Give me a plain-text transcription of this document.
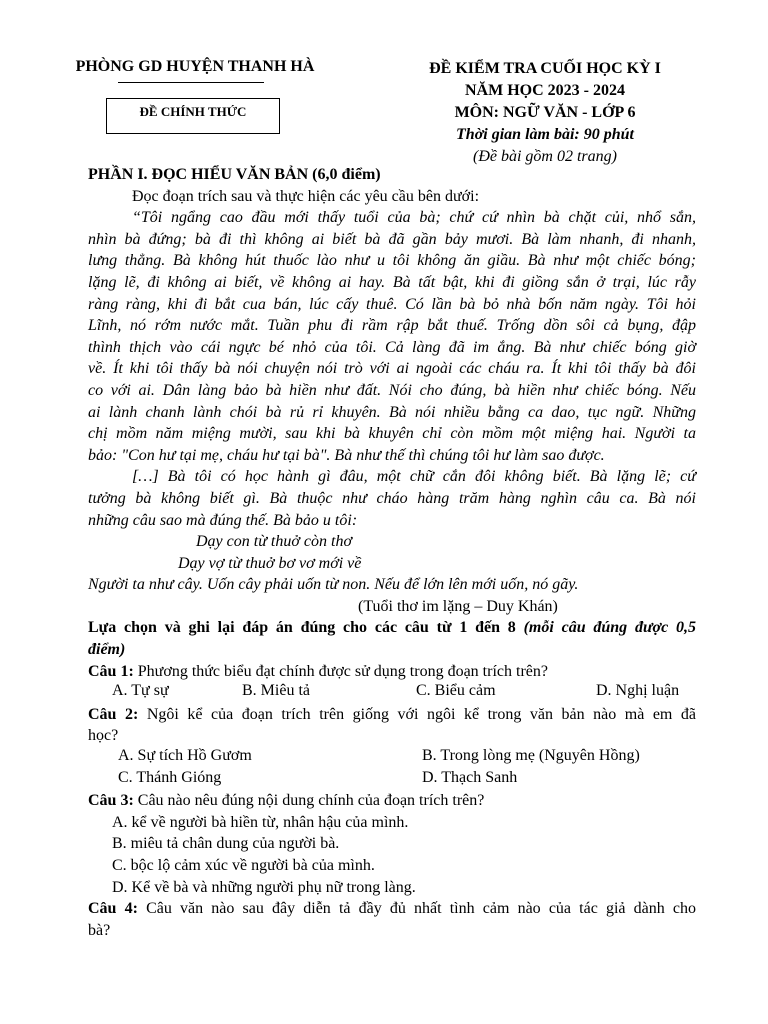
PHÒNG GD HUYỆN THANH HÀ
ĐỀ CHÍNH THỨC
ĐỀ KIỂM TRA CUỐI HỌC KỲ I
NĂM HỌC 2023 - 2024
MÔN: NGỮ VĂN - LỚP 6
Thời gian làm bài: 90 phút
(Đề bài gồm 02 trang)
PHẦN I. ĐỌC HIỂU VĂN BẢN (6,0 điểm)
Đọc đoạn trích sau và thực hiện các yêu cầu bên dưới:
“Tôi ngẩng cao đầu mới thấy tuổi của bà; chứ cứ nhìn bà chặt củi, nhổ sắn,
nhìn bà đứng; bà đi thì không ai biết bà đã gần bảy mươi. Bà làm nhanh, đi nhanh,
lưng thẳng. Bà không hút thuốc lào như u tôi không ăn giầu. Bà như một chiếc bóng;
lặng lẽ, đi không ai biết, về không ai hay. Bà tất bật, khi đi giồng sắn ở trại, lúc rẫy
ràng ràng, khi đi bắt cua bán, lúc cấy thuê. Có lần bà bỏ nhà bốn năm ngày. Tôi hỏi
Lĩnh, nó rớm nước mắt. Tuần phu đi rầm rập bắt thuế. Trống dồn sôi cả bụng, đập
thình thịch vào cái ngực bé nhỏ của tôi. Cả làng đã im ắng. Bà như chiếc bóng giờ
về. Ít khi tôi thấy bà nói chuyện nói trò với ai ngoài các cháu ra. Ít khi tôi thấy bà đôi
co với ai. Dân làng bảo bà hiền như đất. Nói cho đúng, bà hiền như chiếc bóng. Nếu
ai lành chanh lành chói bà rủ rỉ khuyên. Bà nói nhiều bằng ca dao, tục ngữ. Những
chị mồm năm miệng mười, sau khi bà khuyên chỉ còn mồm một miệng hai. Người ta
bảo: "Con hư tại mẹ, cháu hư tại bà". Bà như thế thì chúng tôi hư làm sao được.
[…] Bà tôi có học hành gì đâu, một chữ cắn đôi không biết. Bà lặng lẽ; cứ
tưởng bà không biết gì. Bà thuộc như cháo hàng trăm hàng nghìn câu ca. Bà nói
những câu sao mà đúng thế. Bà bảo u tôi:
Dạy con từ thuở còn thơ
Dạy vợ từ thuở bơ vơ mới về
Người ta như cây. Uốn cây phải uốn từ non. Nếu để lớn lên mới uốn, nó gãy.
(Tuổi thơ im lặng – Duy Khán)
Lựa chọn và ghi lại đáp án đúng cho các câu từ 1 đến 8 (mỗi câu đúng được 0,5
điểm)
Câu 1: Phương thức biểu đạt chính được sử dụng trong đoạn trích trên?
A. Tự sự	B. Miêu tả	C. Biểu cảm	D. Nghị luận
Câu 2: Ngôi kể của đoạn trích trên giống với ngôi kể trong văn bản nào mà em đã
học?
A. Sự tích Hồ Gươm	B. Trong lòng mẹ (Nguyên Hồng)
C. Thánh Gióng	D. Thạch Sanh
Câu 3: Câu nào nêu đúng nội dung chính của đoạn trích trên?
A. kể về người bà hiền từ, nhân hậu của mình.
B. miêu tả chân dung của người bà.
C. bộc lộ cảm xúc về người bà của mình.
D. Kể về bà và những người phụ nữ trong làng.
Câu 4: Câu văn nào sau đây diễn tả đầy đủ nhất tình cảm nào của tác giả dành cho
bà?
